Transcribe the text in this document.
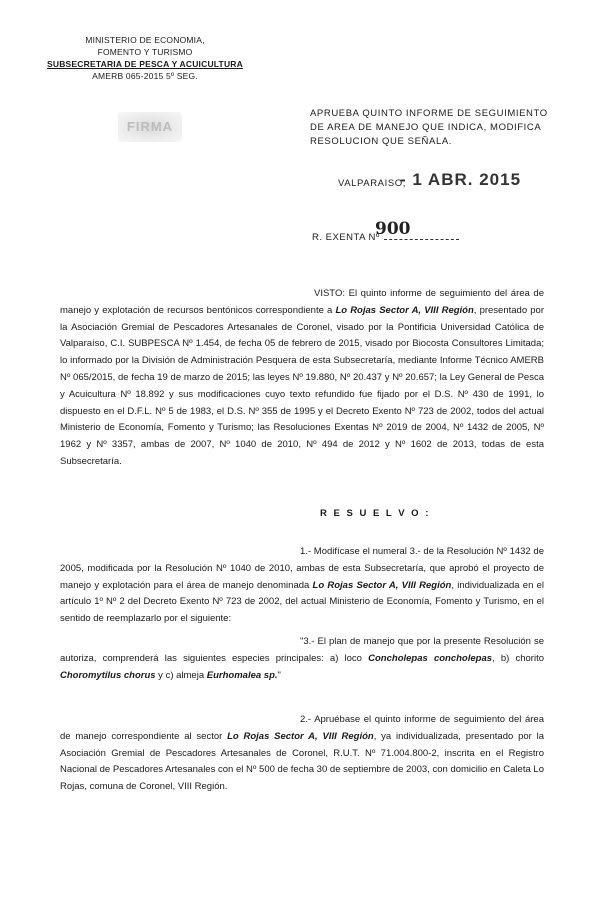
MINISTERIO DE ECONOMIA,
FOMENTO Y TURISMO
SUBSECRETARIA DE PESCA Y ACUICULTURA
AMERB 065-2015 5º SEG.
FIRMA
APRUEBA QUINTO INFORME DE SEGUIMIENTO DE AREA DE MANEJO QUE INDICA, MODIFICA RESOLUCION QUE SEÑALA.
VALPARAISO,
- 1 ABR. 2015
R. EXENTA Nº
900

VISTO: El quinto informe de seguimiento del área de manejo y explotación de recursos bentónicos correspondiente a Lo Rojas Sector A, VIII Región, presentado por la Asociación Gremial de Pescadores Artesanales de Coronel, visado por la Pontificia Universidad Católica de Valparaíso, C.I. SUBPESCA Nº 1.454, de fecha 05 de febrero de 2015, visado por Biocosta Consultores Limitada; lo informado por la División de Administración Pesquera de esta Subsecretaría, mediante Informe Técnico AMERB Nº 065/2015, de fecha 19 de marzo de 2015; las leyes Nº 19.880, Nº 20.437 y Nº 20.657; la Ley General de Pesca y Acuicultura Nº 18.892 y sus modificaciones cuyo texto refundido fue fijado por el D.S. Nº 430 de 1991, lo dispuesto en el D.F.L. Nº 5 de 1983, el D.S. Nº 355 de 1995 y el Decreto Exento Nº 723 de 2002, todos del actual Ministerio de Economía, Fomento y Turismo; las Resoluciones Exentas Nº 2019 de 2004, Nº 1432 de 2005, Nº 1962 y Nº 3357, ambas de 2007, Nº 1040 de 2010, Nº 494 de 2012 y Nº 1602 de 2013, todas de esta Subsecretaría.

R E S U E L V O :

1.- Modifícase el numeral 3.- de la Resolución Nº 1432 de 2005, modificada por la Resolución Nº 1040 de 2010, ambas de esta Subsecretaría, que aprobó el proyecto de manejo y explotación para el área de manejo denominada Lo Rojas Sector A, VIII Región, individualizada en el artículo 1º Nº 2 del Decreto Exento Nº 723 de 2002, del actual Ministerio de Economía, Fomento y Turismo, en el sentido de reemplazarlo por el siguiente:

"3.- El plan de manejo que por la presente Resolución se autoriza, comprenderá las siguientes especies principales: a) loco Concholepas concholepas, b) chorito Choromytilus chorus y c) almeja Eurhomalea sp."

2.- Apruébase el quinto informe de seguimiento del área de manejo correspondiente al sector Lo Rojas Sector A, VIII Región, ya individualizada, presentado por la Asociación Gremial de Pescadores Artesanales de Coronel, R.U.T. Nº 71.004.800-2, inscrita en el Registro Nacional de Pescadores Artesanales con el Nº 500 de fecha 30 de septiembre de 2003, con domicilio en Caleta Lo Rojas, comuna de Coronel, VIII Región.
